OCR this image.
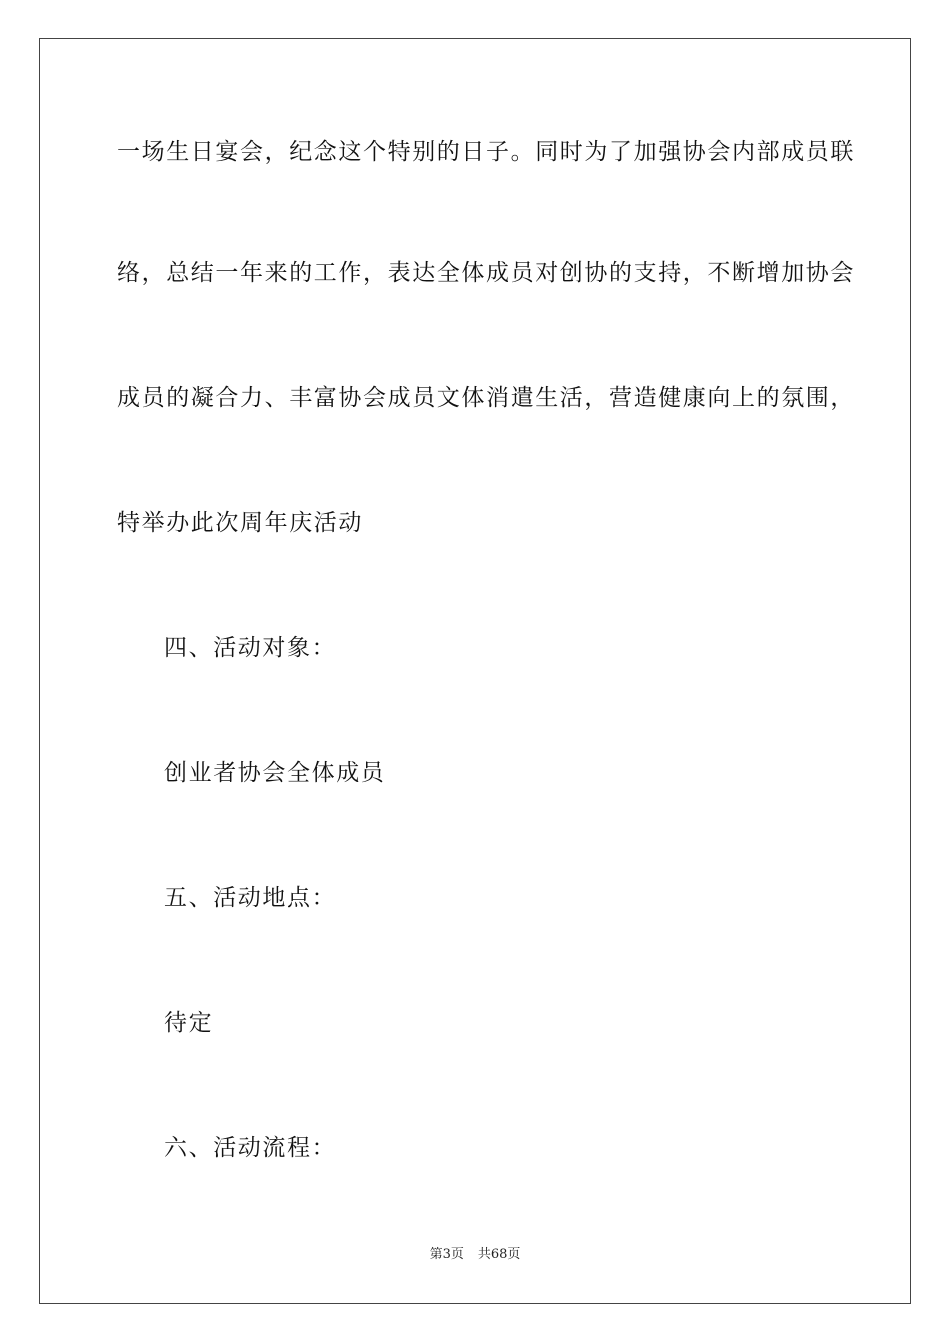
一场生日宴会，纪念这个特别的日子。同时为了加强协会内部成员联
络，总结一年来的工作，表达全体成员对创协的支持，不断增加协会
成员的凝合力、丰富协会成员文体消遣生活，营造健康向上的氛围，
特举办此次周年庆活动
四、活动对象：
创业者协会全体成员
五、活动地点：
待定
六、活动流程：
第3页 共68页
